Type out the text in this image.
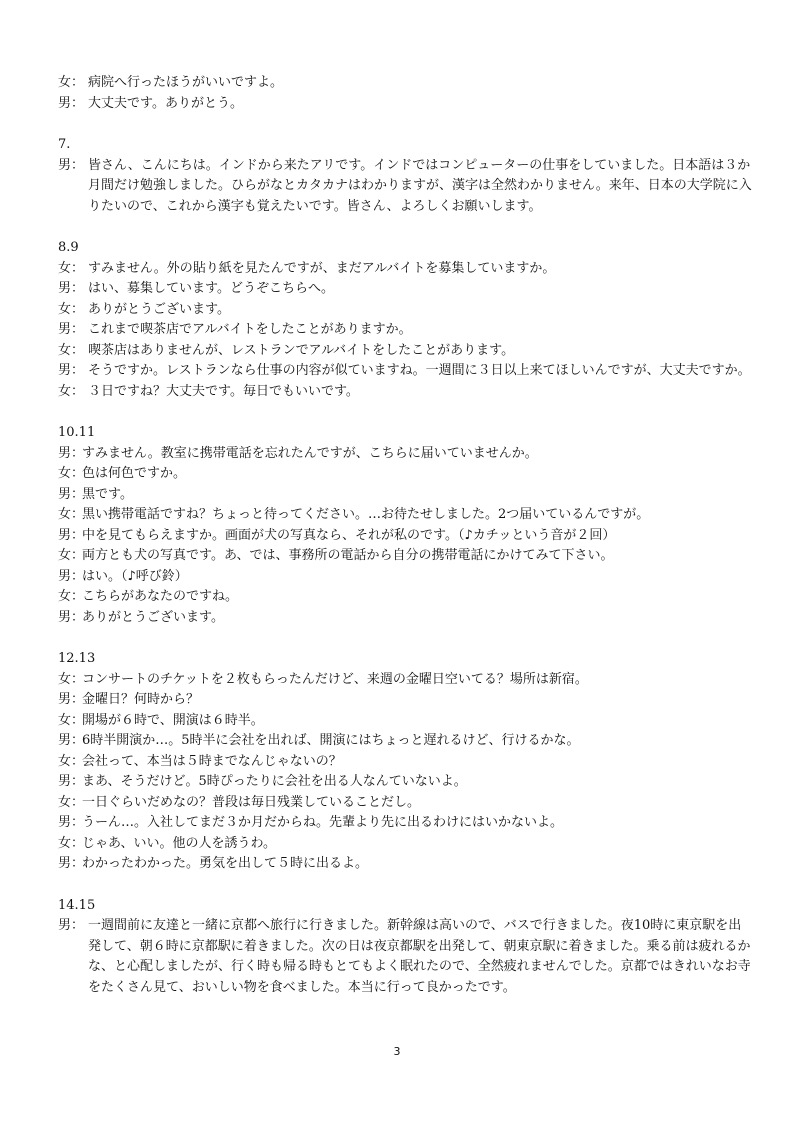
女： 病院へ行ったほうがいいですよ。
男： 大丈夫です。ありがとう。
7.
男： 皆さん、こんにちは。インドから来たアリです。インドではコンピューターの仕事をしていました。日本語は３か月間だけ勉強しました。ひらがなとカタカナはわかりますが、漢字は全然わかりません。来年、日本の大学院に入りたいので、これから漢字も覚えたいです。皆さん、よろしくお願いします。
8.9
女： すみません。外の貼り紙を見たんですが、まだアルバイトを募集していますか。
男： はい、募集しています。どうぞこちらへ。
女： ありがとうございます。
男： これまで喫茶店でアルバイトをしたことがありますか。
女： 喫茶店はありませんが、レストランでアルバイトをしたことがあります。
男： そうですか。レストランなら仕事の内容が似ていますね。一週間に３日以上来てほしいんですが、大丈夫ですか。
女： ３日ですね？大丈夫です。毎日でもいいです。
10.11
男：
すみません。教室に携帯電話を忘れたんですが、こちらに届いていませんか。
女：
色は何色ですか。
男：
黒です。
女：
黒い携帯電話ですね？ちょっと待ってください。…お待たせしました。2つ届いているんですが。
男：
中を見てもらえますか。画面が犬の写真なら、それが私のです。（♪カチッという音が２回）
女：
両方とも犬の写真です。あ、では、事務所の電話から自分の携帯電話にかけてみて下さい。
男：
はい。（♪呼び鈴）
女：
こちらがあなたのですね。
男：
ありがとうございます。
12.13
女：
コンサートのチケットを２枚もらったんだけど、来週の金曜日空いてる？場所は新宿。
男：
金曜日？何時から？
女：
開場が６時で、開演は６時半。
男：
6時半開演か…。5時半に会社を出れば、開演にはちょっと遅れるけど、行けるかな。
女：
会社って、本当は５時までなんじゃないの？
男：
まあ、そうだけど。5時ぴったりに会社を出る人なんていないよ。
女：
一日ぐらいだめなの？普段は毎日残業していることだし。
男：
うーん…。入社してまだ３か月だからね。先輩より先に出るわけにはいかないよ。
女：
じゃあ、いい。他の人を誘うわ。
男：
わかったわかった。勇気を出して５時に出るよ。
14.15
男： 一週間前に友達と一緒に京都へ旅行に行きました。新幹線は高いので、バスで行きました。夜10時に東京駅を出発して、朝６時に京都駅に着きました。次の日は夜京都駅を出発して、朝東京駅に着きました。乗る前は疲れるかな、と心配しましたが、行く時も帰る時もとてもよく眠れたので、全然疲れませんでした。京都ではきれいなお寺をたくさん見て、おいしい物を食べました。本当に行って良かったです。
3
